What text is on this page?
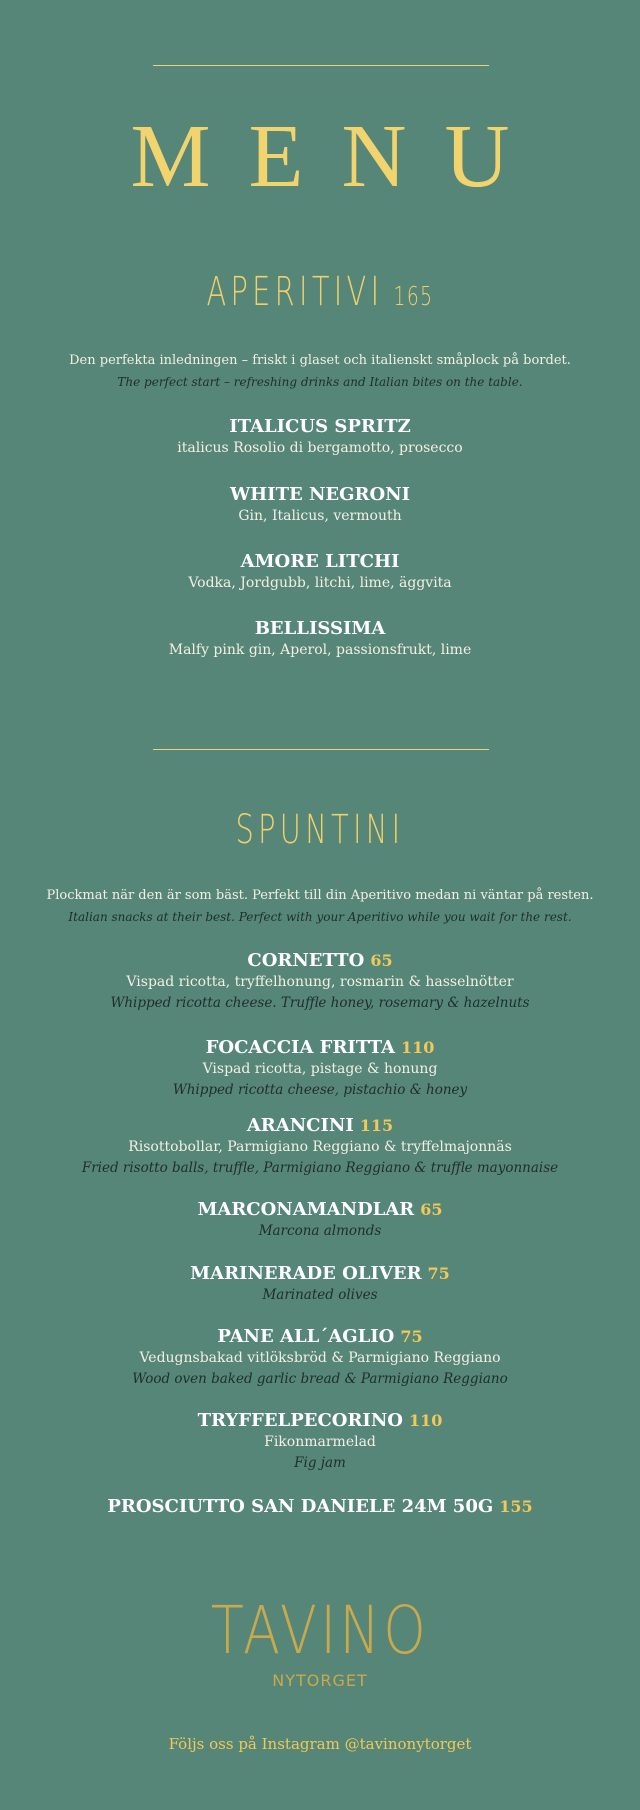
MENU
APERITIVI 165
Den perfekta inledningen – friskt i glaset och italienskt småplock på bordet.
The perfect start – refreshing drinks and Italian bites on the table.
ITALICUS SPRITZ
italicus Rosolio di bergamotto, prosecco
WHITE NEGRONI
Gin, Italicus, vermouth
AMORE LITCHI
Vodka, Jordgubb, litchi, lime, äggvita
BELLISSIMA
Malfy pink gin, Aperol, passionsfrukt, lime
SPUNTINI
Plockmat när den är som bäst. Perfekt till din Aperitivo medan ni väntar på resten.
Italian snacks at their best. Perfect with your Aperitivo while you wait for the rest.
CORNETTO 65
Vispad ricotta, tryffelhonung, rosmarin & hasselnötter
Whipped ricotta cheese. Truffle honey, rosemary & hazelnuts
FOCACCIA FRITTA 110
Vispad ricotta, pistage & honung
Whipped ricotta cheese, pistachio & honey
ARANCINI 115
Risottobollar, Parmigiano Reggiano & tryffelmajonnäs
Fried risotto balls, truffle, Parmigiano Reggiano & truffle mayonnaise
MARCONAMANDLAR 65
Marcona almonds
MARINERADE OLIVER 75
Marinated olives
PANE ALL´AGLIO 75
Vedugnsbakad vitlöksbröd & Parmigiano Reggiano
Wood oven baked garlic bread & Parmigiano Reggiano
TRYFFELPECORINO 110
Fikonmarmelad
Fig jam
PROSCIUTTO SAN DANIELE 24M 50G 155
TAVINO
NYTORGET
Följs oss på Instagram @tavinonytorget
